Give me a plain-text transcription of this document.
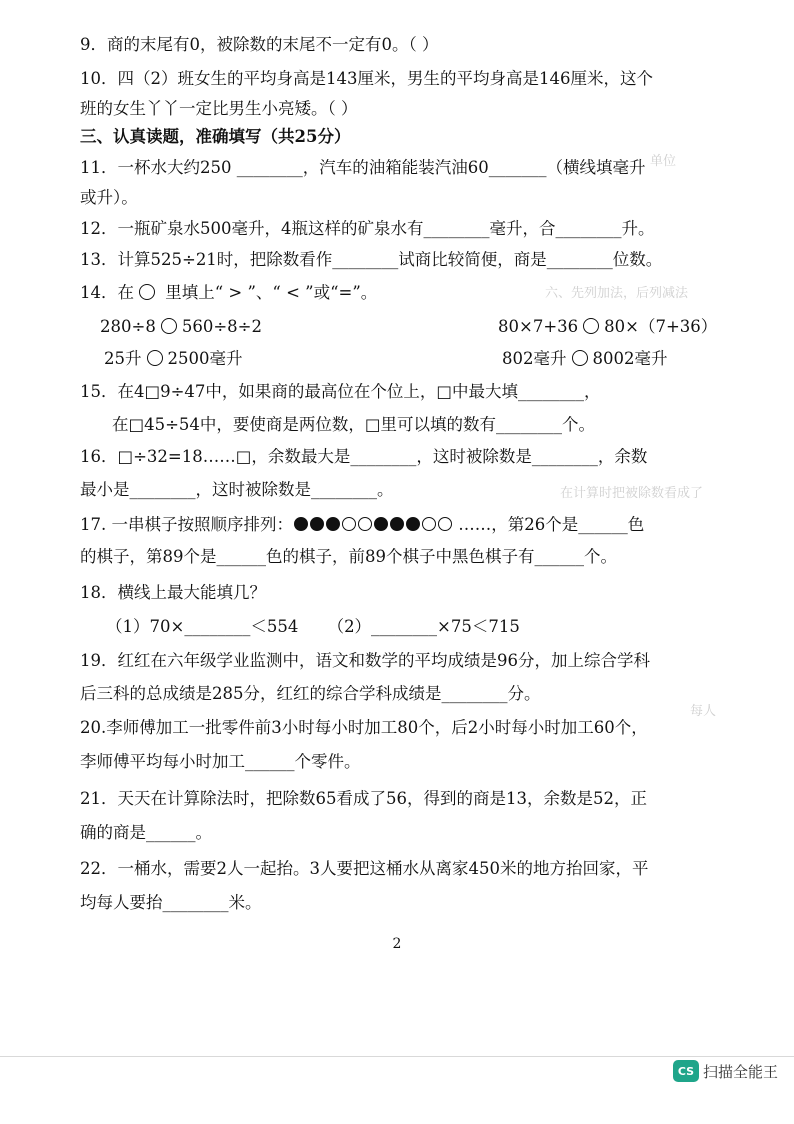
六、先列加法，后列减法
在计算时把被除数看成了
单位
每人
9．商的末尾有0，被除数的末尾不一定有0。（ ）
10．四（2）班女生的平均身高是143厘米，男生的平均身高是146厘米，这个
班的女生丫丫一定比男生小亮矮。（ ）
三、认真读题，准确填写（共25分）
11．一杯水大约250 ________，汽车的油箱能装汽油60_______（横线填毫升
或升）。
12．一瓶矿泉水500毫升，4瓶这样的矿泉水有________毫升，合________升。
13．计算525÷21时，把除数看作________试商比较简便，商是________位数。
14．在 里填上“ > ”、“ < ”或“=”。
280÷8 560÷8÷2	80×7+36 80×（7+36）
25升 2500毫升	802毫升 8002毫升
15．在4□9÷47中，如果商的最高位在个位上，□中最大填________，
在□45÷54中，要使商是两位数，□里可以填的数有________个。
16．□÷32=18……□，余数最大是________，这时被除数是________，余数
最小是________，这时被除数是________。
17. 一串棋子按照顺序排列：	……，第26个是______色
的棋子，第89个是______色的棋子，前89个棋子中黑色棋子有______个。
18．横线上最大能填几？
（1）70×________＜554 （2）________×75＜715
19．红红在六年级学业监测中，语文和数学的平均成绩是96分，加上综合学科
后三科的总成绩是285分，红红的综合学科成绩是________分。
20.李师傅加工一批零件前3小时每小时加工80个，后2小时每小时加工60个，
李师傅平均每小时加工______个零件。
21．天天在计算除法时，把除数65看成了56，得到的商是13，余数是52，正
确的商是______。
22．一桶水，需要2人一起抬。3人要把这桶水从离家450米的地方抬回家，平
均每人要抬________米。
2
CS 扫描全能王
